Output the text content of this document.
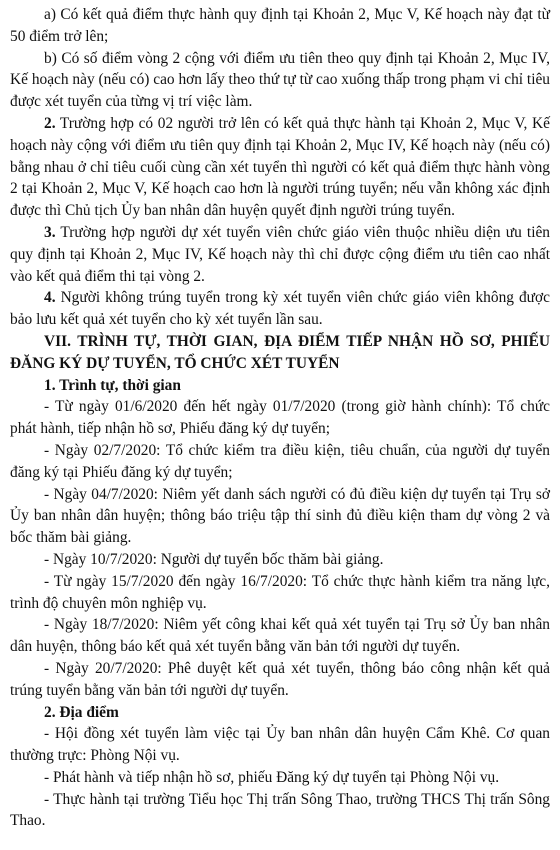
a) Có kết quả điểm thực hành quy định tại Khoản 2, Mục V, Kế hoạch này đạt từ 50 điểm trở lên;

b) Có số điểm vòng 2 cộng với điểm ưu tiên theo quy định tại Khoản 2, Mục IV, Kế hoạch này (nếu có) cao hơn lấy theo thứ tự từ cao xuống thấp trong phạm vi chỉ tiêu được xét tuyển của từng vị trí việc làm.

2. Trường hợp có 02 người trở lên có kết quả thực hành tại Khoản 2, Mục V, Kế hoạch này cộng với điểm ưu tiên quy định tại Khoản 2, Mục IV, Kế hoạch này (nếu có) bằng nhau ở chỉ tiêu cuối cùng cần xét tuyển thì người có kết quả điểm thực hành vòng 2 tại Khoản 2, Mục V, Kế hoạch cao hơn là người trúng tuyển; nếu vẫn không xác định được thì Chủ tịch Ủy ban nhân dân huyện quyết định người trúng tuyển.

3. Trường hợp người dự xét tuyển viên chức giáo viên thuộc nhiều diện ưu tiên quy định tại Khoản 2, Mục IV, Kế hoạch này thì chỉ được cộng điểm ưu tiên cao nhất vào kết quả điểm thi tại vòng 2.

4. Người không trúng tuyển trong kỳ xét tuyển viên chức giáo viên không được bảo lưu kết quả xét tuyển cho kỳ xét tuyển lần sau.

VII. TRÌNH TỰ, THỜI GIAN, ĐỊA ĐIỂM TIẾP NHẬN HỒ SƠ, PHIẾU ĐĂNG KÝ DỰ TUYỂN, TỔ CHỨC XÉT TUYỂN

1. Trình tự, thời gian

- Từ ngày 01/6/2020 đến hết ngày 01/7/2020 (trong giờ hành chính): Tổ chức phát hành, tiếp nhận hồ sơ, Phiếu đăng ký dự tuyển;

- Ngày 02/7/2020: Tổ chức kiểm tra điều kiện, tiêu chuẩn, của người dự tuyển đăng ký tại Phiếu đăng ký dự tuyển;

- Ngày 04/7/2020: Niêm yết danh sách người có đủ điều kiện dự tuyển tại Trụ sở Ủy ban nhân dân huyện; thông báo triệu tập thí sinh đủ điều kiện tham dự vòng 2 và bốc thăm bài giảng.

- Ngày 10/7/2020: Người dự tuyển bốc thăm bài giảng.

- Từ ngày 15/7/2020 đến ngày 16/7/2020: Tổ chức thực hành kiểm tra năng lực, trình độ chuyên môn nghiệp vụ.

- Ngày 18/7/2020: Niêm yết công khai kết quả xét tuyển tại Trụ sở Ủy ban nhân dân huyện, thông báo kết quả xét tuyển bằng văn bản tới người dự tuyển.

- Ngày 20/7/2020: Phê duyệt kết quả xét tuyển, thông báo công nhận kết quả trúng tuyển bằng văn bản tới người dự tuyển.

2. Địa điểm

- Hội đồng xét tuyển làm việc tại Ủy ban nhân dân huyện Cẩm Khê. Cơ quan thường trực: Phòng Nội vụ.

- Phát hành và tiếp nhận hồ sơ, phiếu Đăng ký dự tuyển tại Phòng Nội vụ.

- Thực hành tại trường Tiểu học Thị trấn Sông Thao, trường THCS Thị trấn Sông Thao.
